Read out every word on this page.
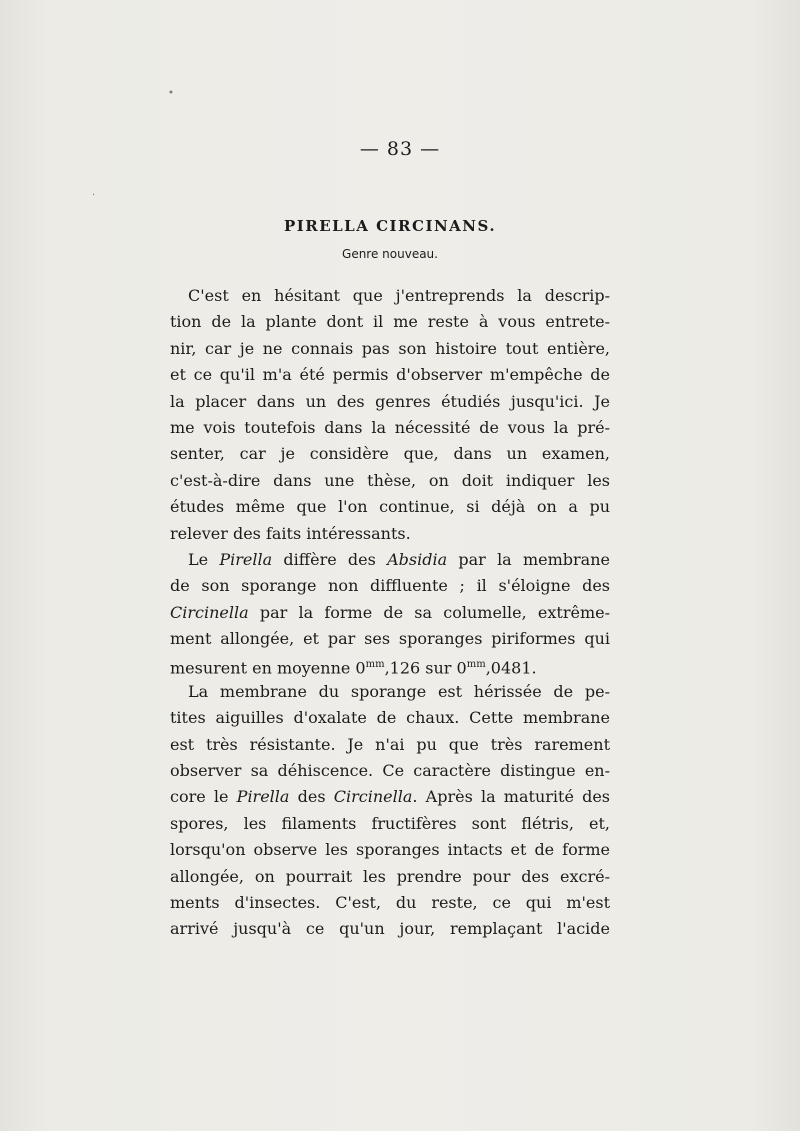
•
·
— 83 —
PIRELLA CIRCINANS.
Genre nouveau.
C'est en hésitant que j'entreprends la descrip-
tion de la plante dont il me reste à vous entrete-
nir, car je ne connais pas son histoire tout entière,
et ce qu'il m'a été permis d'observer m'empêche de
la placer dans un des genres étudiés jusqu'ici. Je
me vois toutefois dans la nécessité de vous la pré-
senter, car je considère que, dans un examen,
c'est-à-dire dans une thèse, on doit indiquer les
études même que l'on continue, si déjà on a pu
relever des faits intéressants.
Le Pirella diffère des Absidia par la membrane
de son sporange non diffluente ; il s'éloigne des
Circinella par la forme de sa columelle, extrême-
ment allongée, et par ses sporanges piriformes qui
mesurent en moyenne $0^{mm},126$ sur $0^{mm},0481$.
La membrane du sporange est hérissée de pe-
tites aiguilles d'oxalate de chaux. Cette membrane
est très résistante. Je n'ai pu que très rarement
observer sa déhiscence. Ce caractère distingue en-
core le Pirella des Circinella. Après la maturité des
spores, les filaments fructifères sont flétris, et,
lorsqu'on observe les sporanges intacts et de forme
allongée, on pourrait les prendre pour des excré-
ments d'insectes. C'est, du reste, ce qui m'est
arrivé jusqu'à ce qu'un jour, remplaçant l'acide
